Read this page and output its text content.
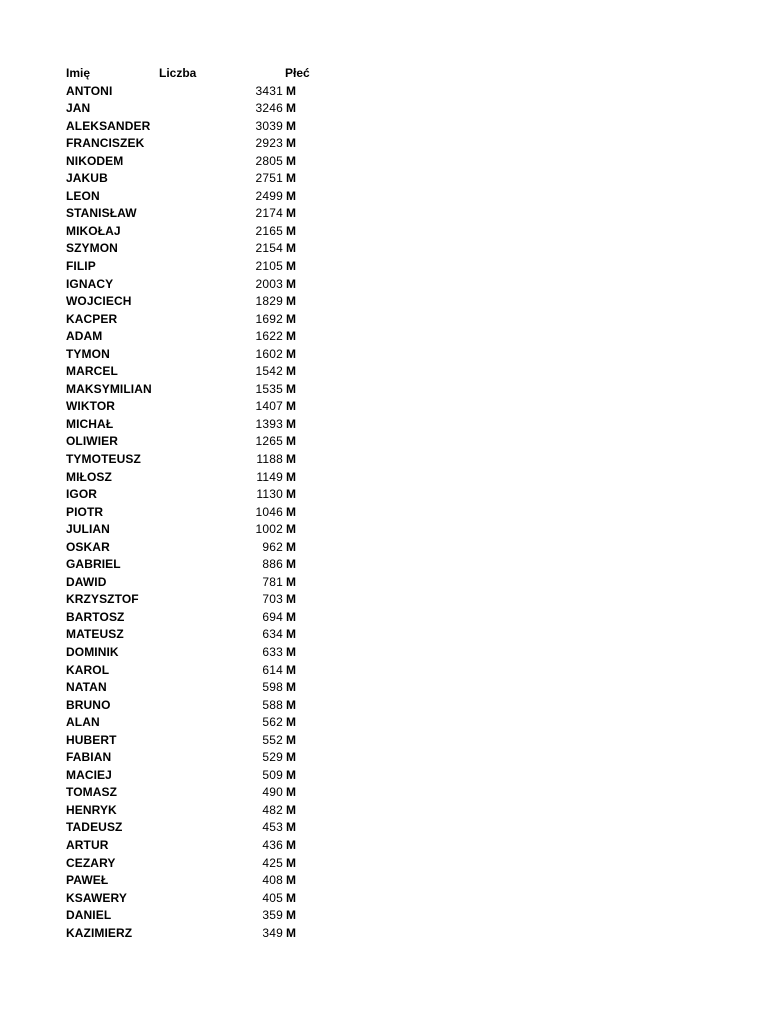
Imię	Liczba	Płeć
ANTONI	3431 M
JAN	3246 M
ALEKSANDER	3039 M
FRANCISZEK	2923 M
NIKODEM	2805 M
JAKUB	2751 M
LEON	2499 M
STANISŁAW	2174 M
MIKOŁAJ	2165 M
SZYMON	2154 M
FILIP	2105 M
IGNACY	2003 M
WOJCIECH	1829 M
KACPER	1692 M
ADAM	1622 M
TYMON	1602 M
MARCEL	1542 M
MAKSYMILIAN	1535 M
WIKTOR	1407 M
MICHAŁ	1393 M
OLIWIER	1265 M
TYMOTEUSZ	1188 M
MIŁOSZ	1149 M
IGOR	1130 M
PIOTR	1046 M
JULIAN	1002 M
OSKAR	962 M
GABRIEL	886 M
DAWID	781 M
KRZYSZTOF	703 M
BARTOSZ	694 M
MATEUSZ	634 M
DOMINIK	633 M
KAROL	614 M
NATAN	598 M
BRUNO	588 M
ALAN	562 M
HUBERT	552 M
FABIAN	529 M
MACIEJ	509 M
TOMASZ	490 M
HENRYK	482 M
TADEUSZ	453 M
ARTUR	436 M
CEZARY	425 M
PAWEŁ	408 M
KSAWERY	405 M
DANIEL	359 M
KAZIMIERZ	349 M
